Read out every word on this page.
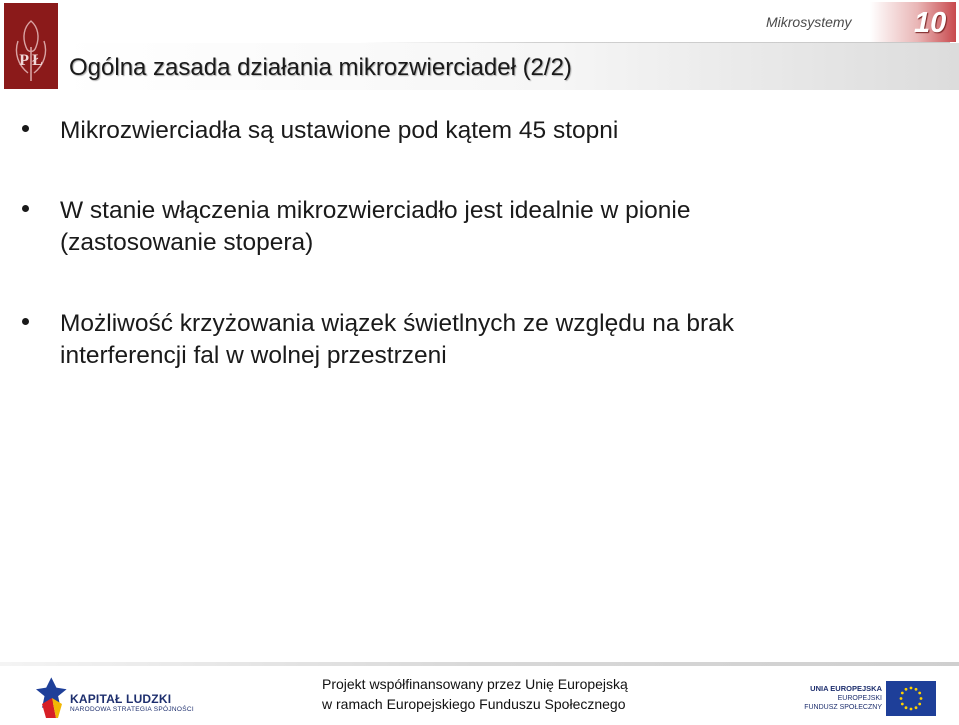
P Ł Ogólna zasada działania mikrozwierciadeł (2/2)
Mikrosystemy 10
Mikrozwierciadła są ustawione pod kątem 45 stopni
W stanie włączenia mikrozwierciadło jest idealnie w pionie
(zastosowanie stopera)
Możliwość krzyżowania wiązek świetlnych ze względu na brak
interferencji fal w wolnej przestrzeni
KAPITAŁ LUDZKI
NARODOWA STRATEGIA SPÓJNOŚCI
Projekt współfinansowany przez Unię Europejską
w ramach Europejskiego Funduszu Społecznego
UNIA EUROPEJSKA
EUROPEJSKI
FUNDUSZ SPOŁECZNY
